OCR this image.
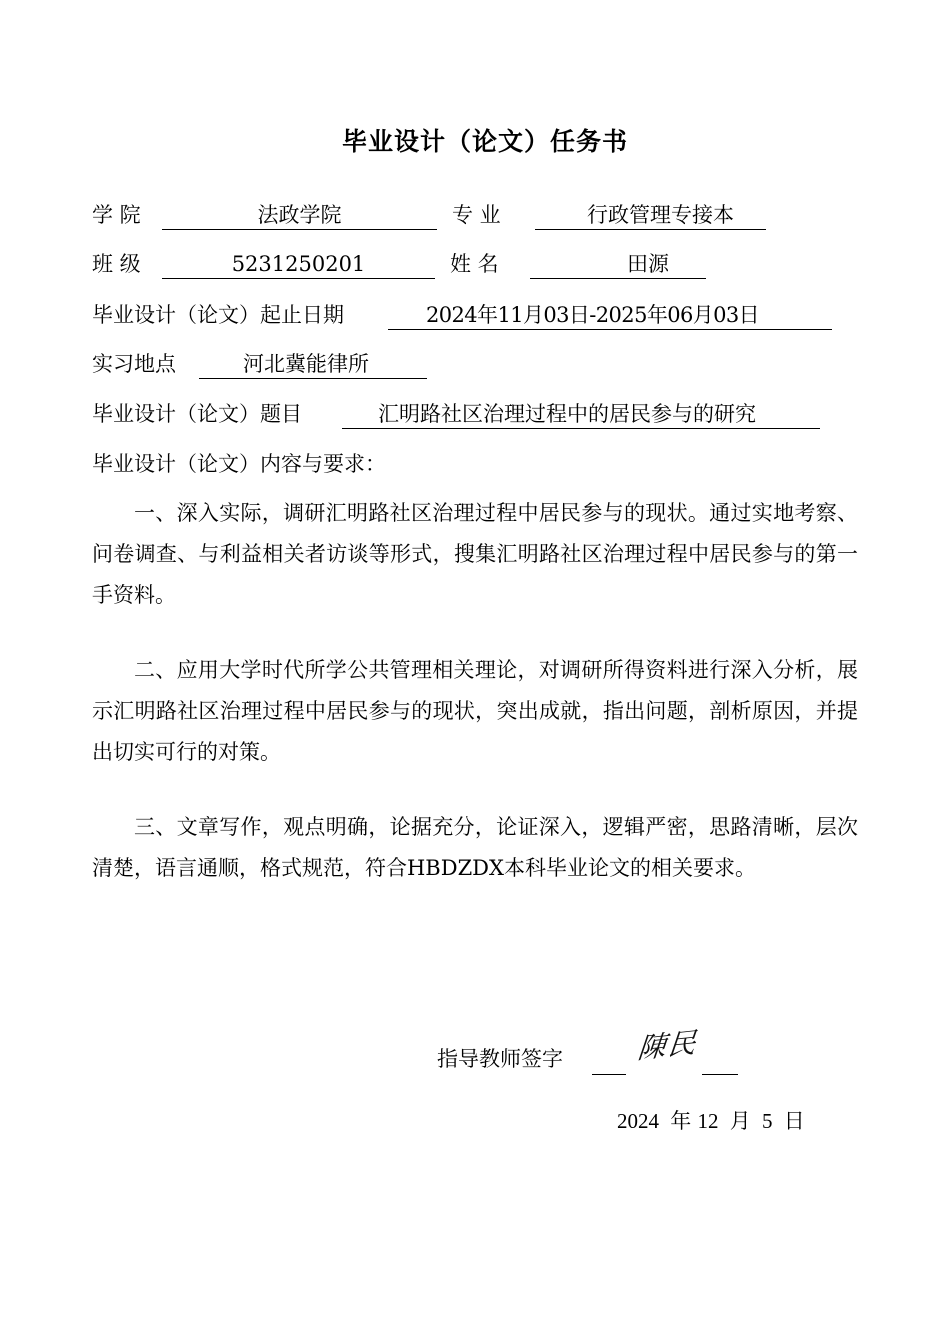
毕业设计（论文）任务书
学 院	法政学院	专 业	行政管理专接本
班 级	5231250201	姓 名	田源
毕业设计（论文）起止日期	2024年11月03日-2025年06月03日
实习地点	河北冀能律所
毕业设计（论文）题目	汇明路社区治理过程中的居民参与的研究
毕业设计（论文）内容与要求：
一、深入实际，调研汇明路社区治理过程中居民参与的现状。通过实地考察、问卷调查、与利益相关者访谈等形式，搜集汇明路社区治理过程中居民参与的第一手资料。
二、应用大学时代所学公共管理相关理论，对调研所得资料进行深入分析，展示汇明路社区治理过程中居民参与的现状，突出成就，指出问题，剖析原因，并提出切实可行的对策。
三、文章写作，观点明确，论据充分，论证深入，逻辑严密，思路清晰，层次清楚，语言通顺，格式规范，符合HBDZDX本科毕业论文的相关要求。
指导教师签字	陳民
2024 年 12 月 5 日
